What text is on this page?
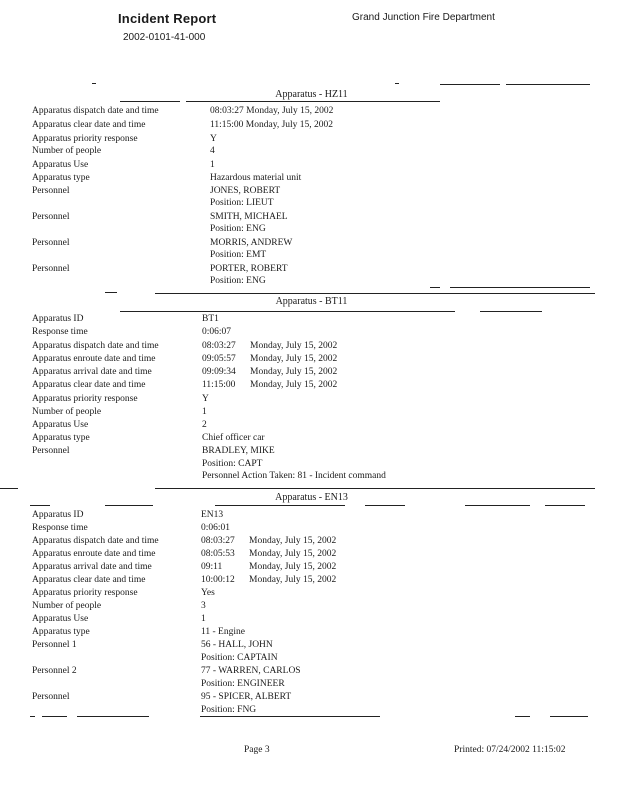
Incident Report	Grand Junction Fire Department
2002-0101-41-000
Apparatus - HZ11
Apparatus dispatch date and time	08:03:27 Monday, July 15, 2002
Apparatus clear date and time	11:15:00 Monday, July 15, 2002
Apparatus priority response	Y
Number of people	4
Apparatus Use	1
Apparatus type	Hazardous material unit
Personnel	JONES, ROBERT
Position: LIEUT
Personnel	SMITH, MICHAEL
Position: ENG
Personnel	MORRIS, ANDREW
Position: EMT
Personnel	PORTER, ROBERT
Position: ENG
Apparatus - BT11
Apparatus ID	BT1
Response time	0:06:07
Apparatus dispatch date and time	08:03:27 Monday, July 15, 2002
Apparatus enroute date and time	09:05:57 Monday, July 15, 2002
Apparatus arrival date and time	09:09:34 Monday, July 15, 2002
Apparatus clear date and time	11:15:00 Monday, July 15, 2002
Apparatus priority response	Y
Number of people	1
Apparatus Use	2
Apparatus type	Chief officer car
Personnel	BRADLEY, MIKE
Position: CAPT
Personnel Action Taken: 81 - Incident command
Apparatus - EN13
Apparatus ID	EN13
Response time	0:06:01
Apparatus dispatch date and time	08:03:27 Monday, July 15, 2002
Apparatus enroute date and time	08:05:53 Monday, July 15, 2002
Apparatus arrival date and time	09:11	Monday, July 15, 2002
Apparatus clear date and time	10:00:12 Monday, July 15, 2002
Apparatus priority response	Yes
Number of people	3
Apparatus Use	1
Apparatus type	11 - Engine
Personnel 1	56 - HALL, JOHN
Position: CAPTAIN
Personnel 2	77 - WARREN, CARLOS
Position: ENGINEER
Personnel	95 - SPICER, ALBERT
Position: FNG
Page 3	Printed: 07/24/2002 11:15:02
